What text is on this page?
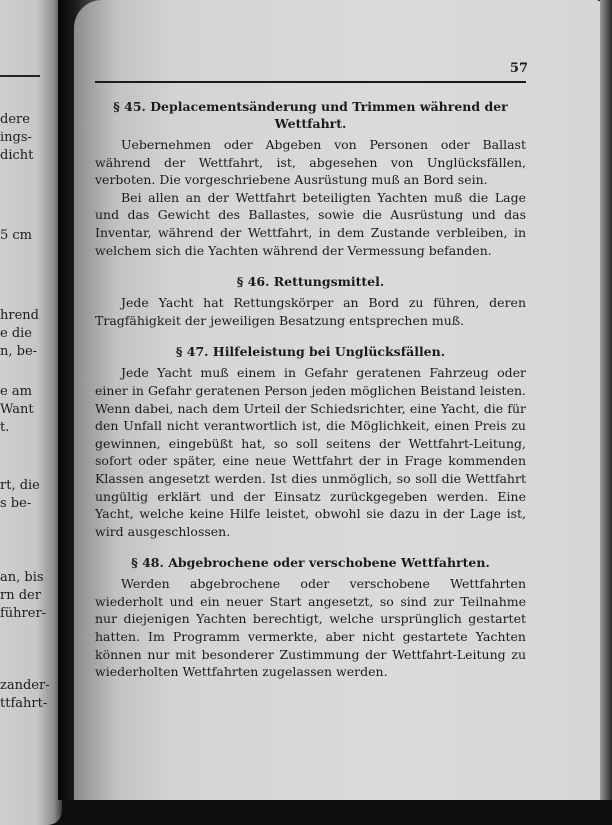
dere
ings-
dicht
5 cm
hrend
e die
n, be-
e am
Want
t.
rt, die
s be-
an, bis
rn der
führer-
zander-
ttfahrt-
57
§ 45. Deplacementsänderung und Trimmen während der Wettfahrt.

Uebernehmen oder Abgeben von Personen oder Ballast während der Wettfahrt, ist, abgesehen von Unglücksfällen, verboten. Die vorgeschriebene Ausrüstung muß an Bord sein.

Bei allen an der Wettfahrt beteiligten Yachten muß die Lage und das Gewicht des Ballastes, sowie die Ausrüstung und das Inventar, während der Wettfahrt, in dem Zustande verbleiben, in welchem sich die Yachten während der Vermessung befanden.

§ 46. Rettungsmittel.

Jede Yacht hat Rettungskörper an Bord zu führen, deren Tragfähigkeit der jeweiligen Besatzung entsprechen muß.

§ 47. Hilfeleistung bei Unglücksfällen.

Jede Yacht muß einem in Gefahr geratenen Fahrzeug oder einer in Gefahr geratenen Person jeden möglichen Beistand leisten. Wenn dabei, nach dem Urteil der Schiedsrichter, eine Yacht, die für den Unfall nicht verantwortlich ist, die Möglichkeit, einen Preis zu gewinnen, eingebüßt hat, so soll seitens der Wettfahrt-Leitung, sofort oder später, eine neue Wettfahrt der in Frage kommenden Klassen angesetzt werden. Ist dies unmöglich, so soll die Wettfahrt ungültig erklärt und der Einsatz zurückgegeben werden. Eine Yacht, welche keine Hilfe leistet, obwohl sie dazu in der Lage ist, wird ausgeschlossen.

§ 48. Abgebrochene oder verschobene Wettfahrten.

Werden abgebrochene oder verschobene Wettfahrten wiederholt und ein neuer Start angesetzt, so sind zur Teilnahme nur diejenigen Yachten berechtigt, welche ursprünglich gestartet hatten. Im Programm vermerkte, aber nicht gestartete Yachten können nur mit besonderer Zustimmung der Wettfahrt-Leitung zu wiederholten Wettfahrten zugelassen werden.
